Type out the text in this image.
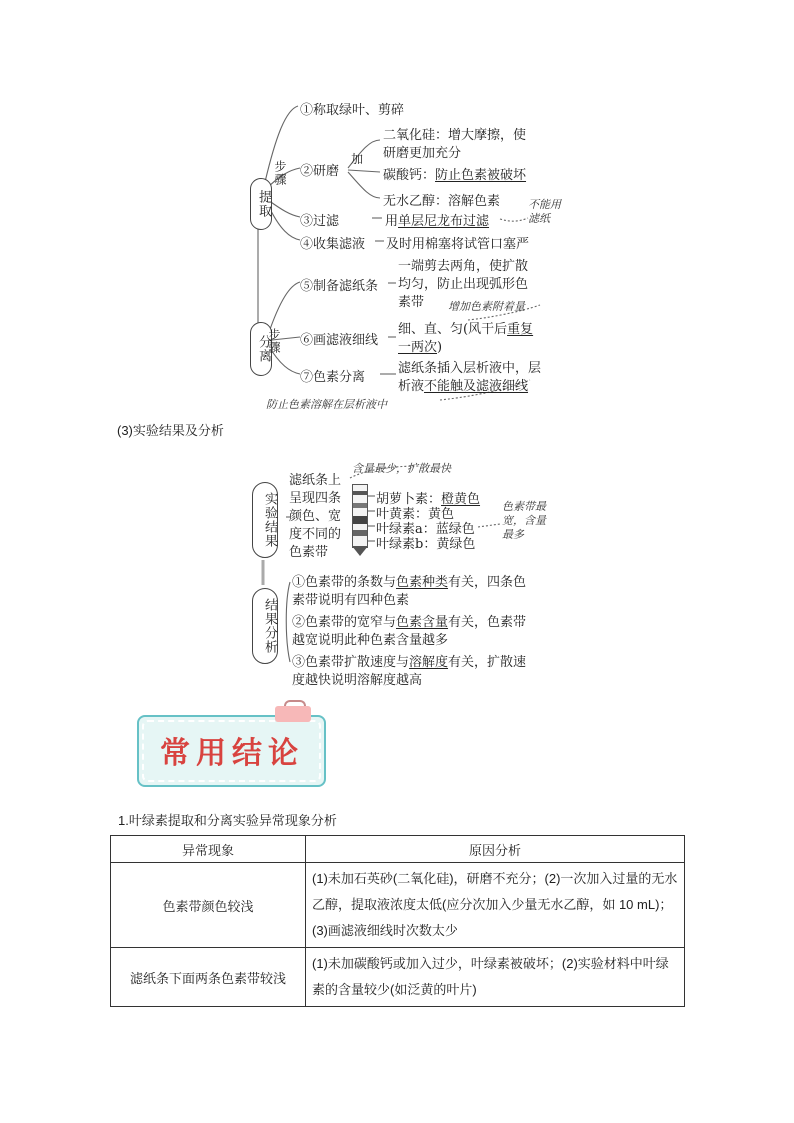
提取
步骤
分离
步骤
①称取绿叶、剪碎
②研磨
加
二氧化硅：增大摩擦，使
研磨更加充分
碳酸钙：防止色素被破坏
无水乙醇：溶解色素
③过滤	用单层尼龙布过滤
不能用滤纸
④收集滤液 及时用棉塞将试管口塞严
⑤制备滤纸条
一端剪去两角，使扩散
均匀，防止出现弧形色
素带 增加色素附着量
⑥画滤液细线
细、直、匀(风干后重复
一两次)
⑦色素分离
滤纸条插入层析液中，层
析液不能触及滤液细线
防止色素溶解在层析液中
(3)实验结果及分析
实验结果
滤纸条上
呈现四条
颜色、宽
度不同的
色素带
含量最少，扩散最快
胡萝卜素：橙黄色
叶黄素：黄色
叶绿素a：蓝绿色
叶绿素b：黄绿色
色素带最
宽，含量
最多
结果分析
①色素带的条数与色素种类有关，四条色
素带说明有四种色素
②色素带的宽窄与色素含量有关，色素带
越宽说明此种色素含量越多
③色素带扩散速度与溶解度有关，扩散速
度越快说明溶解度越高
常用结论
1.叶绿素提取和分离实验异常现象分析
异常现象	原因分析
色素带颜色较浅	(1)未加石英砂(二氧化硅)，研磨不充分；(2)一次加入过量的无水乙醇，提取液浓度太低(应分次加入少量无水乙醇，如 10 mL)；(3)画滤液细线时次数太少
滤纸条下面两条色素带较浅	(1)未加碳酸钙或加入过少，叶绿素被破坏；(2)实验材料中叶绿素的含量较少(如泛黄的叶片)
